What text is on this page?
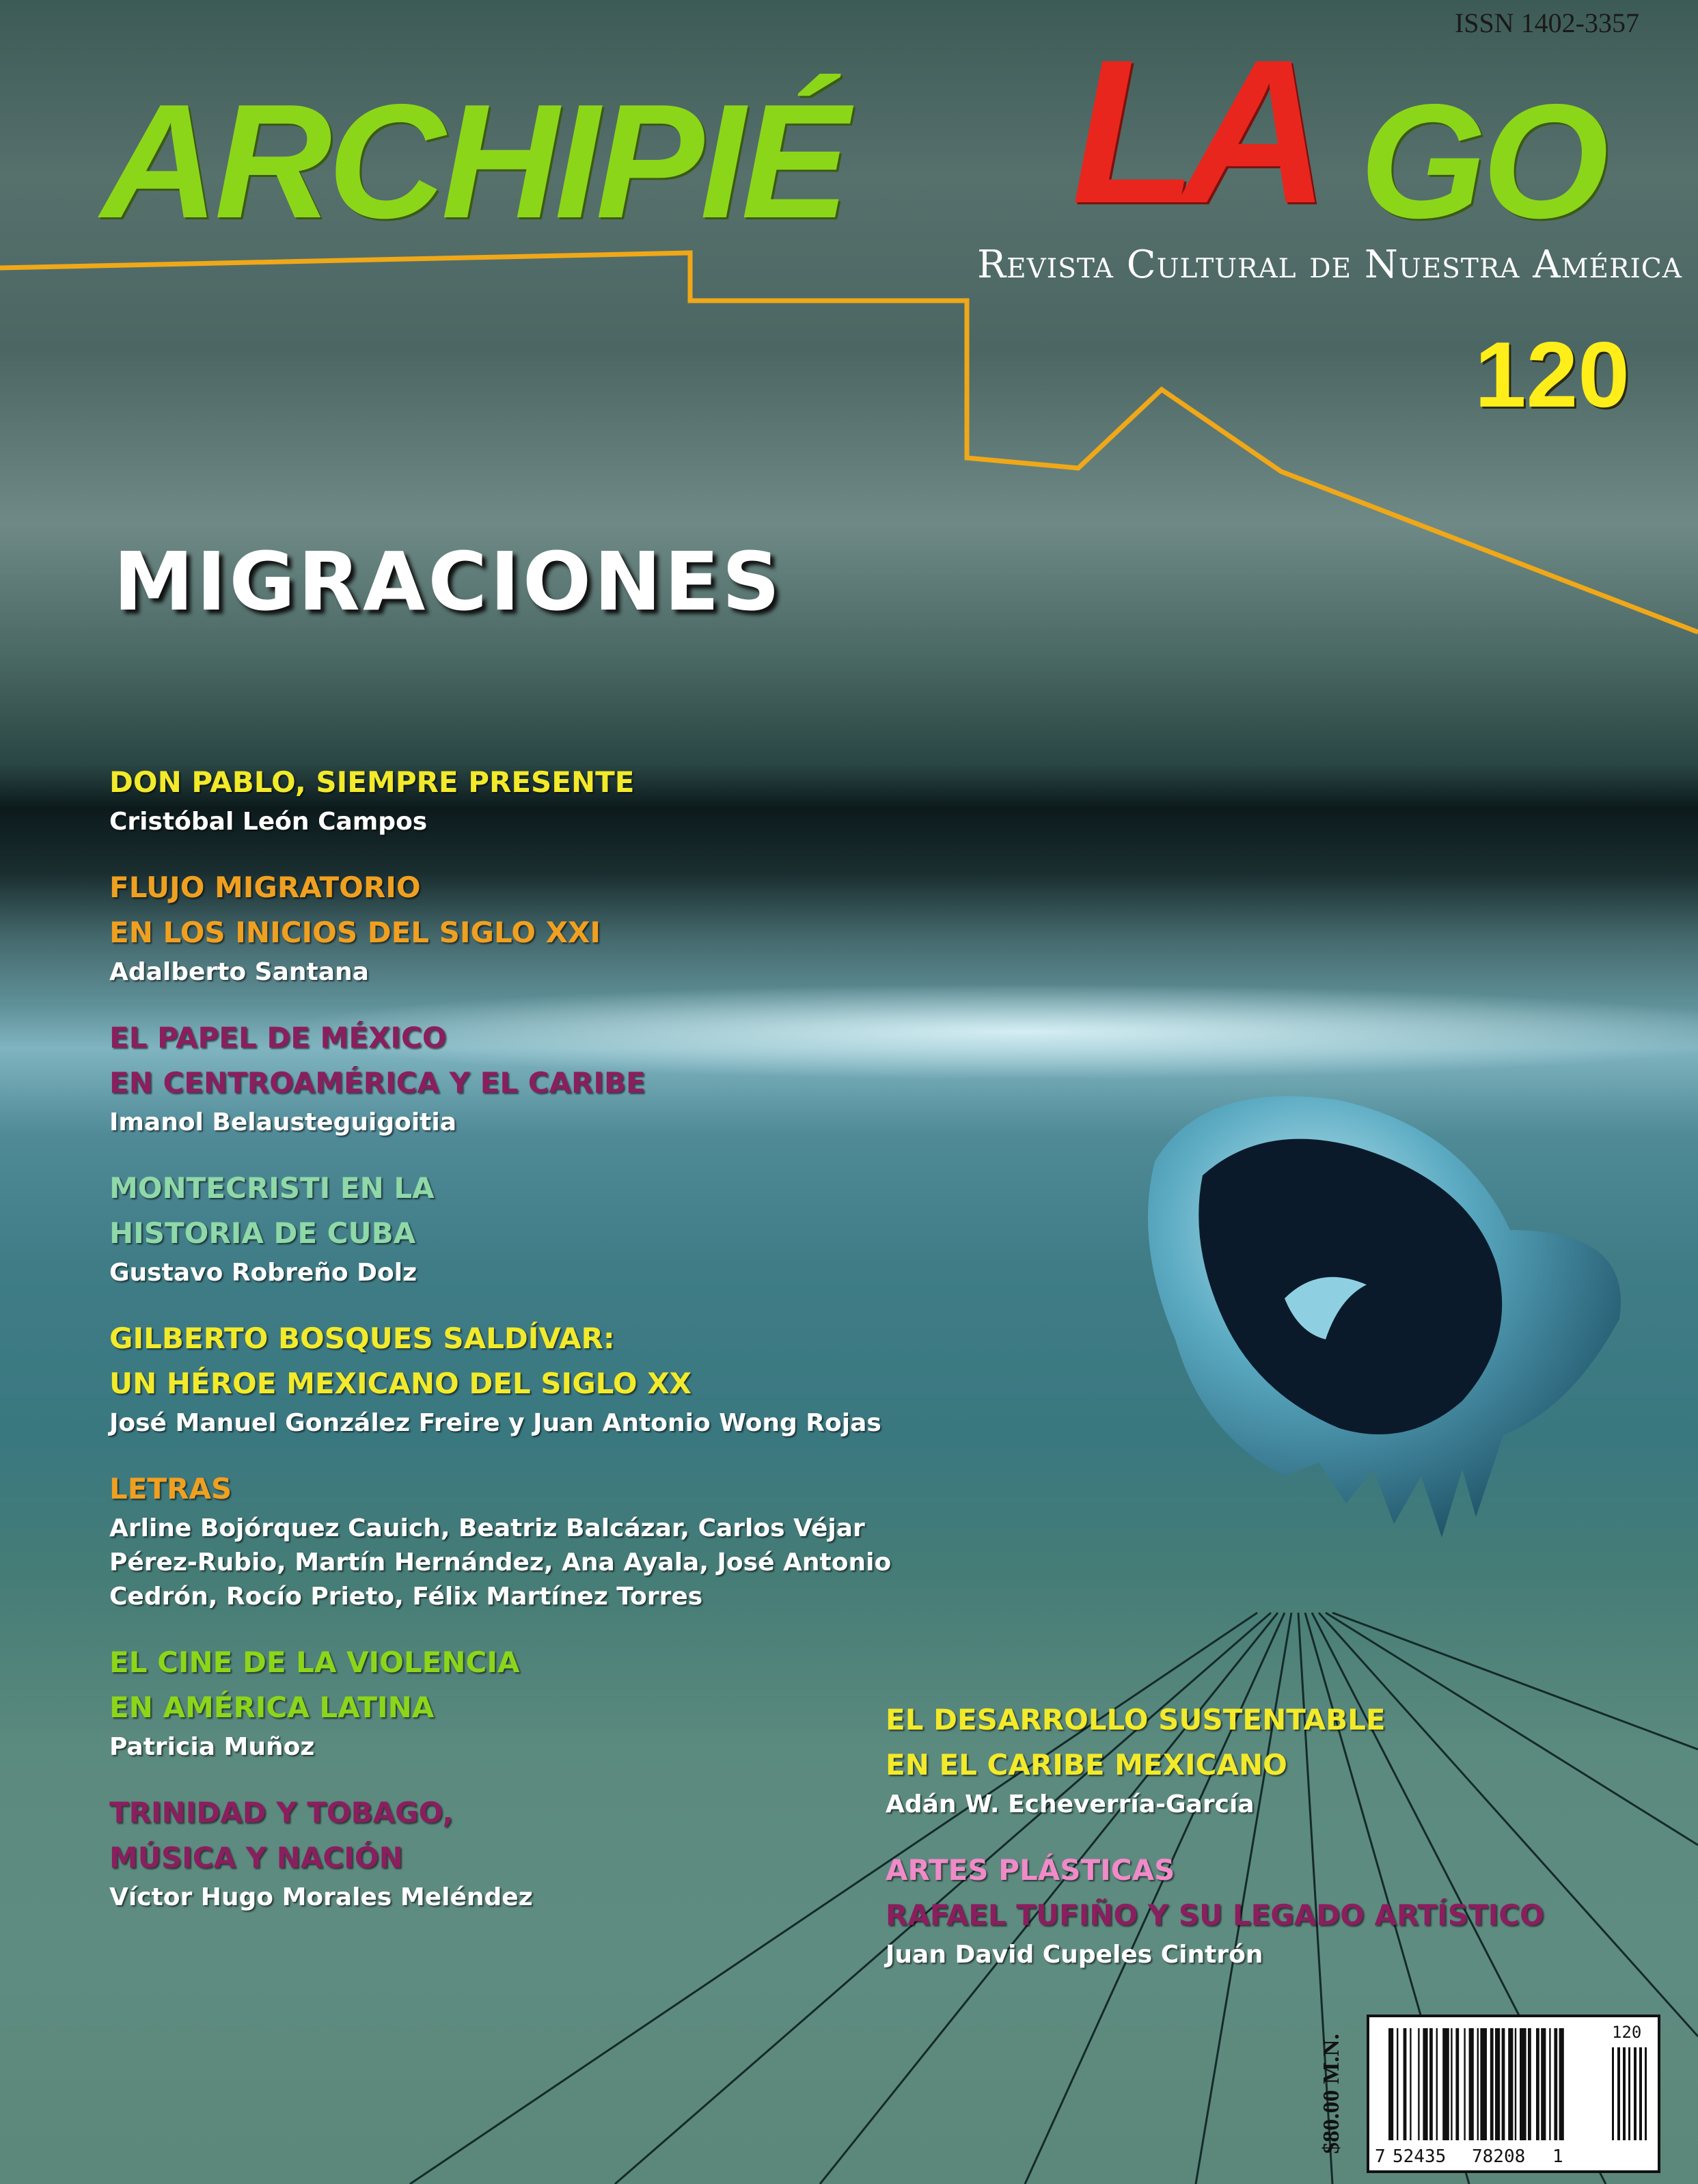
ISSN 1402-3357
ARCHIPIÉ LA GO
Revista Cultural de Nuestra América
120
MIGRACIONES
DON PABLO, SIEMPRE PRESENTE
Cristóbal León Campos
FLUJO MIGRATORIO
EN LOS INICIOS DEL SIGLO XXI
Adalberto Santana
EL PAPEL DE MÉXICO
EN CENTROAMÉRICA Y EL CARIBE
Imanol Belausteguigoitia
MONTECRISTI EN LA
HISTORIA DE CUBA
Gustavo Robreño Dolz
GILBERTO BOSQUES SALDÍVAR:
UN HÉROE MEXICANO DEL SIGLO XX
José Manuel González Freire y Juan Antonio Wong Rojas
LETRAS
Arline Bojórquez Cauich, Beatriz Balcázar, Carlos Véjar Pérez-Rubio, Martín Hernández, Ana Ayala, José Antonio Cedrón, Rocío Prieto, Félix Martínez Torres
EL CINE DE LA VIOLENCIA
EN AMÉRICA LATINA
Patricia Muñoz
TRINIDAD Y TOBAGO,
MÚSICA Y NACIÓN
Víctor Hugo Morales Meléndez
EL DESARROLLO SUSTENTABLE
EN EL CARIBE MEXICANO
Adán W. Echeverría-García
ARTES PLÁSTICAS
RAFAEL TUFIÑO Y SU LEGADO ARTÍSTICO
Juan David Cupeles Cintrón
$80.00 M.N.
120
7 52435 78208 1
